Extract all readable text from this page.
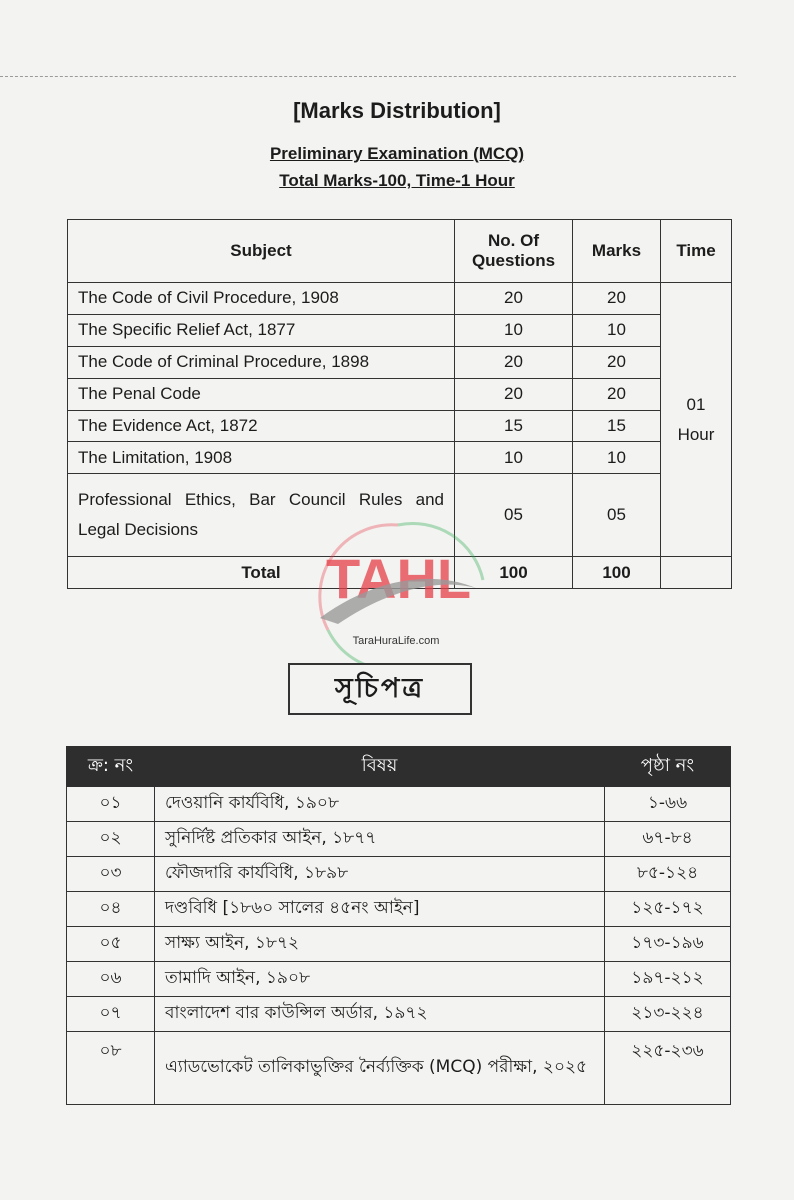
[Marks Distribution]
Preliminary Examination (MCQ)
Total Marks-100, Time-1 Hour
Subject	No. Of Questions	Marks	Time
The Code of Civil Procedure, 1908	20	20	01
Hour

The Specific Relief Act, 1877	10	10	
The Code of Criminal Procedure, 1898	20	20	
The Penal Code	20	20	
The Evidence Act, 1872	15	15	
The Limitation, 1908	10	10	
Professional Ethics, Bar Council Rules and Legal Decisions	05	05	
Total	100	100	
TAHL
TaraHuraLife.com
সূচিপত্র
ক্র: নং	বিষয়	পৃষ্ঠা নং
০১	দেওয়ানি কার্যবিধি, ১৯০৮	১-৬৬
০২	সুনির্দিষ্ট প্রতিকার আইন, ১৮৭৭	৬৭-৮৪
০৩	ফৌজদারি কার্যবিধি, ১৮৯৮	৮৫-১২৪
০৪	দণ্ডবিধি [১৮৬০ সালের ৪৫নং আইন]	১২৫-১৭২
০৫	সাক্ষ্য আইন, ১৮৭২	১৭৩-১৯৬
০৬	তামাদি আইন, ১৯০৮	১৯৭-২১২
০৭	বাংলাদেশ বার কাউন্সিল অর্ডার, ১৯৭২	২১৩-২২৪
০৮	এ্যাডভোকেট তালিকাভুক্তির নৈর্ব্যক্তিক (MCQ) পরীক্ষা, ২০২৫	২২৫-২৩৬
